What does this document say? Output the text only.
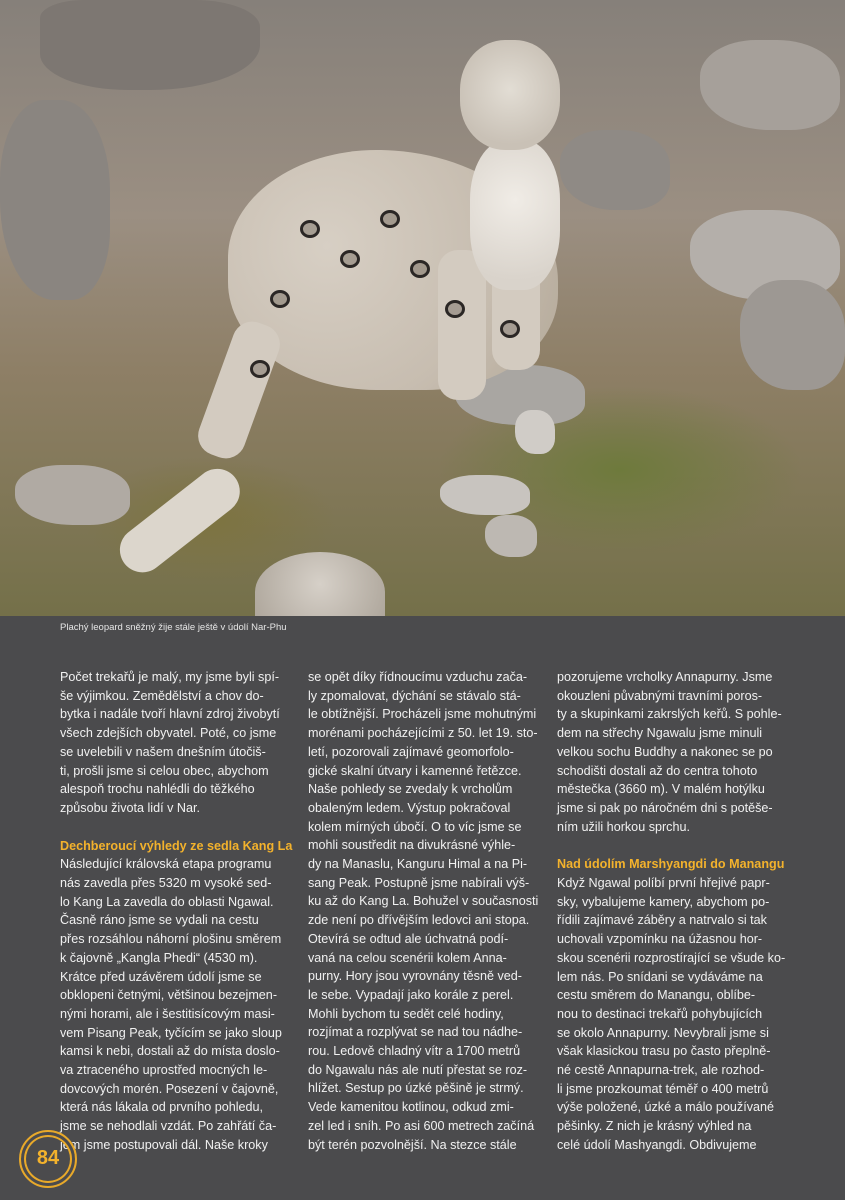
Plachý leopard sněžný žije stále ještě v údolí Nar-Phu

Počet trekařů je malý, my jsme byli spí-
še výjimkou. Zemědělství a chov do-
bytka i nadále tvoří hlavní zdroj živobytí
všech zdejších obyvatel. Poté, co jsme
se uvelebili v našem dnešním útočiš-
ti, prošli jsme si celou obec, abychom
alespoň trochu nahlédli do těžkého
způsobu života lidí v Nar.

Dechberoucí výhledy ze sedla Kang La

Následující královská etapa programu
nás zavedla přes 5320 m vysoké sed-
lo Kang La zavedla do oblasti Ngawal.
Časně ráno jsme se vydali na cestu
přes rozsáhlou náhorní plošinu směrem
k čajovně „Kangla Phedi“ (4530 m).
Krátce před uzávěrem údolí jsme se
obklopeni četnými, většinou bezejmen-
nými horami, ale i šestitisícovým masi-
vem Pisang Peak, tyčícím se jako sloup
kamsi k nebi, dostali až do místa doslo-
va ztraceného uprostřed mocných le-
dovcových morén. Posezení v čajovně,
která nás lákala od prvního pohledu,
jsme se nehodlali vzdát. Po zahřátí ča-
jem jsme postupovali dál. Naše kroky

se opět díky řídnoucímu vzduchu zača-
ly zpomalovat, dýchání se stávalo stá-
le obtížnější. Procházeli jsme mohutnými
morénami pocházejícími z 50. let 19. sto-
letí, pozorovali zajímavé geomorfolo-
gické skalní útvary i kamenné řetězce.
Naše pohledy se zvedaly k vrcholům
obaleným ledem. Výstup pokračoval
kolem mírných úbočí. O to víc jsme se
mohli soustředit na divukrásné výhle-
dy na Manaslu, Kanguru Himal a na Pi-
sang Peak. Postupně jsme nabírali výš-
ku až do Kang La. Bohužel v současnosti
zde není po dřívějším ledovci ani stopa.
Otevírá se odtud ale úchvatná podí-
vaná na celou scenérii kolem Anna-
purny. Hory jsou vyrovnány těsně ved-
le sebe. Vypadají jako korále z perel.
Mohli bychom tu sedět celé hodiny,
rozjímat a rozplývat se nad tou nádhe-
rou. Ledově chladný vítr a 1700 metrů
do Ngawalu nás ale nutí přestat se roz-
hlížet. Sestup po úzké pěšině je strmý.
Vede kamenitou kotlinou, odkud zmi-
zel led i sníh. Po asi 600 metrech začíná
být terén pozvolnější. Na stezce stále

pozorujeme vrcholky Annapurny. Jsme
okouzleni půvabnými travními poros-
ty a skupinkami zakrslých keřů. S pohle-
dem na střechy Ngawalu jsme minuli
velkou sochu Buddhy a nakonec se po
schodišti dostali až do centra tohoto
městečka (3660 m). V malém hotýlku
jsme si pak po náročném dni s potěše-
ním užili horkou sprchu.

Nad údolím Marshyangdi do Manangu

Když Ngawal políbí první hřejivé papr-
sky, vybalujeme kamery, abychom po-
řídili zajímavé záběry a natrvalo si tak
uchovali vzpomínku na úžasnou hor-
skou scenérii rozprostírající se všude ko-
lem nás. Po snídani se vydáváme na
cestu směrem do Manangu, oblíbe-
nou to destinaci trekařů pohybujících
se okolo Annapurny. Nevybrali jsme si
však klasickou trasu po často přeplně-
né cestě Annapurna-trek, ale rozhod-
li jsme prozkoumat téměř o 400 metrů
výše položené, úzké a málo používané
pěšinky. Z nich je krásný výhled na
celé údolí Mashyangdi. Obdivujeme

84
